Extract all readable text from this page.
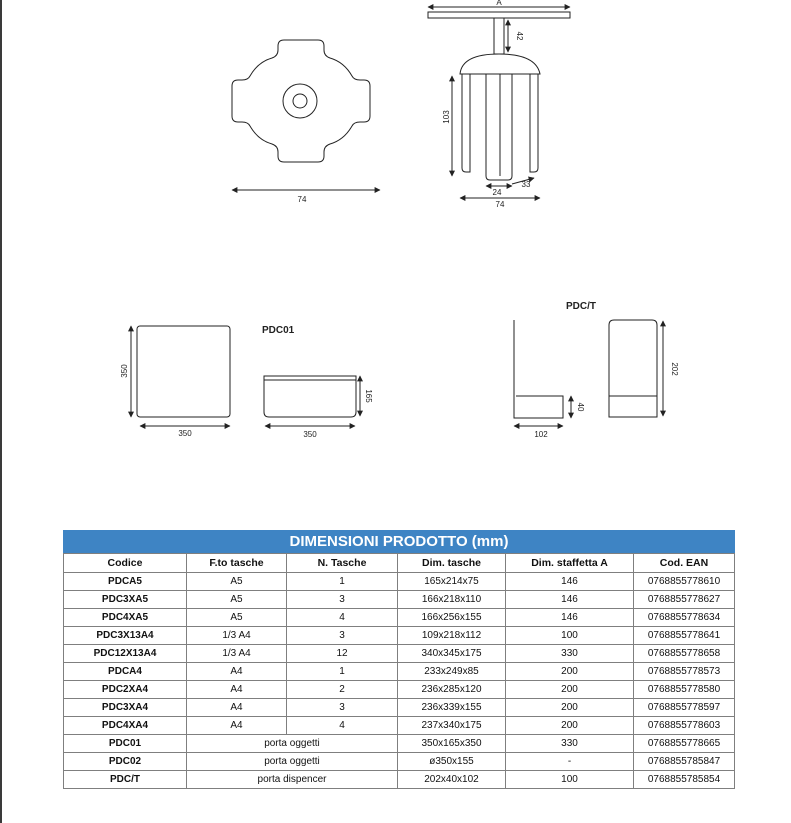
74
A
42
103
24
33
74
PDC01
350
350
165
350
PDC/T
40
102
202
DIMENSIONI PRODOTTO (mm)
Codice	F.to tasche	N. Tasche	Dim. tasche	Dim. staffetta A	Cod. EAN
PDCA5	A5	1	165x214x75	146	0768855778610
PDC3XA5	A5	3	166x218x110	146	0768855778627
PDC4XA5	A5	4	166x256x155	146	0768855778634
PDC3X13A4	1/3 A4	3	109x218x112	100	0768855778641
PDC12X13A4	1/3 A4	12	340x345x175	330	0768855778658
PDCA4	A4	1	233x249x85	200	0768855778573
PDC2XA4	A4	2	236x285x120	200	0768855778580
PDC3XA4	A4	3	236x339x155	200	0768855778597
PDC4XA4	A4	4	237x340x175	200	0768855778603
PDC01	porta oggetti		350x165x350	330	0768855778665
PDC02	porta oggetti		ø350x155	-	0768855785847
PDC/T	porta dispencer		202x40x102	100	0768855785854
